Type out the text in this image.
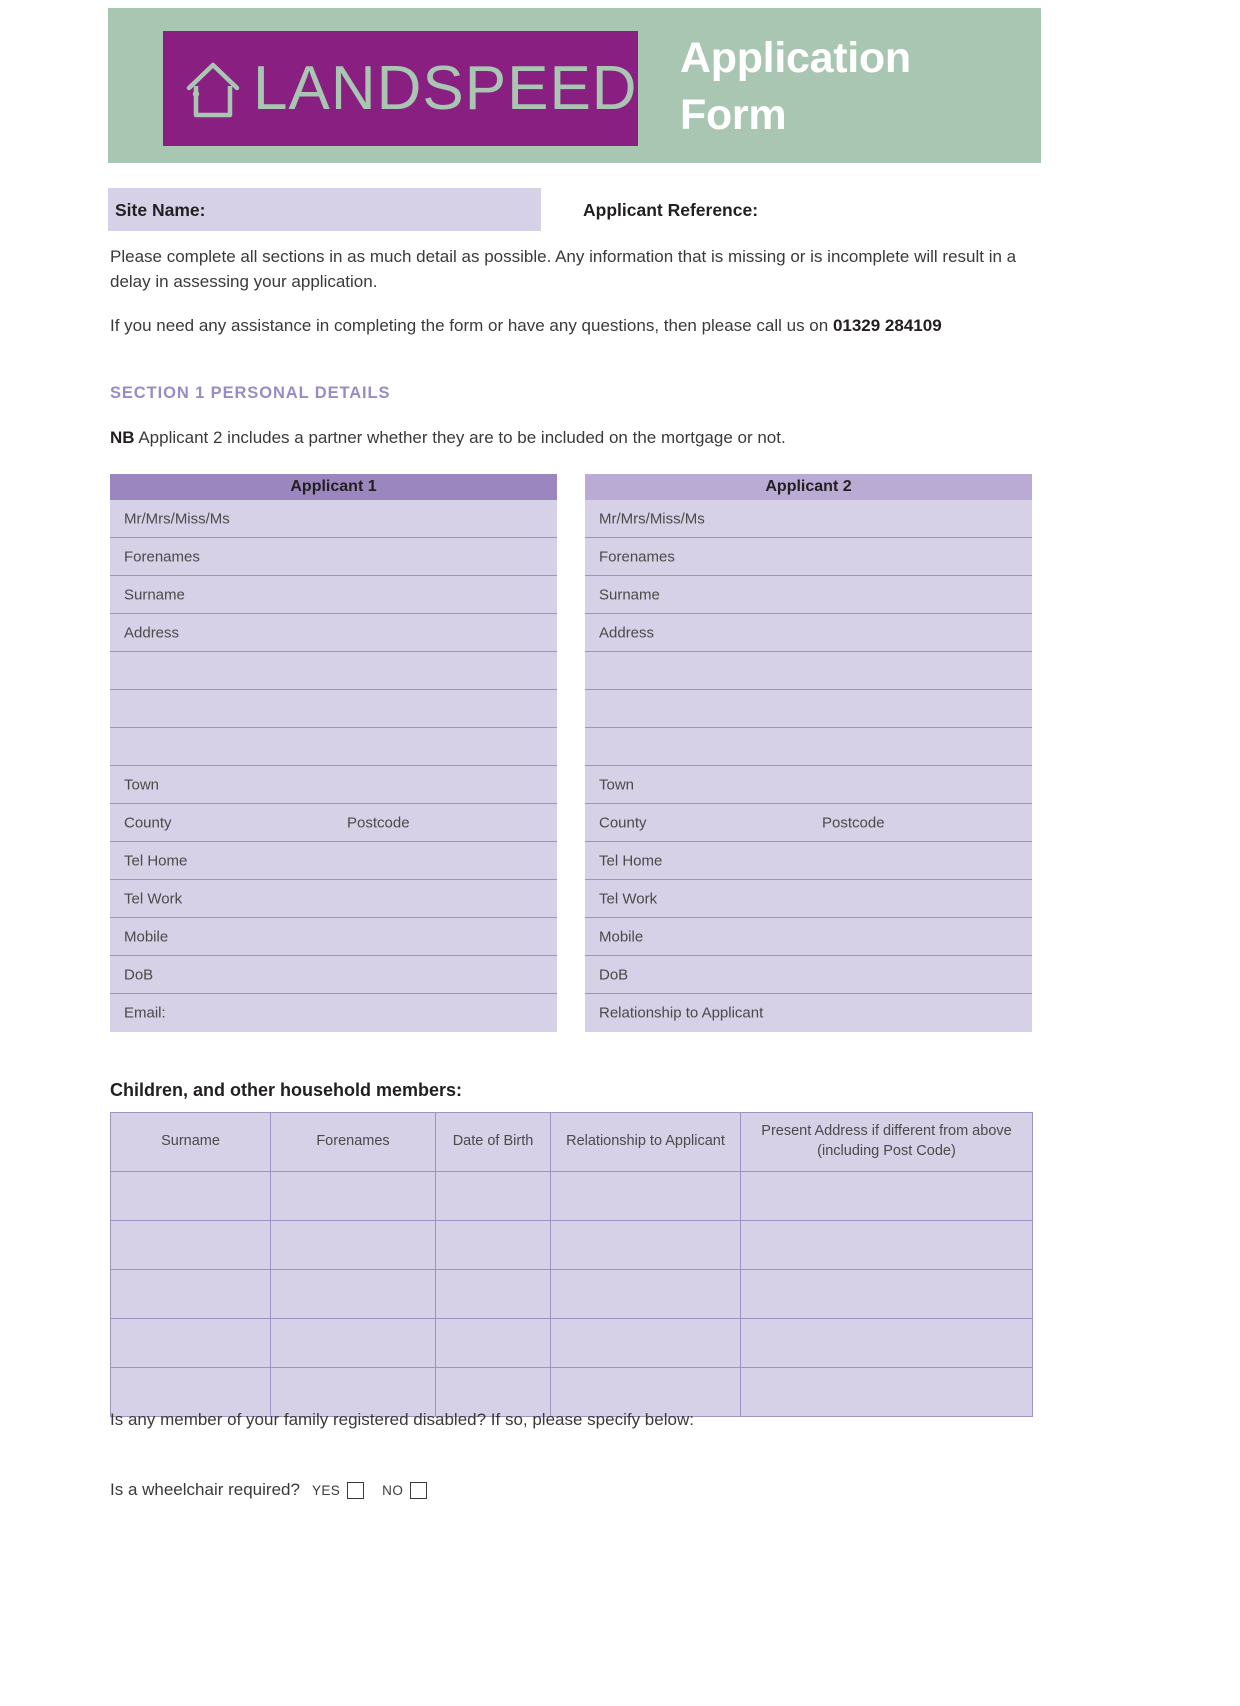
LANDSPEED Application
Form
Site Name:	Applicant Reference:
Please complete all sections in as much detail as possible. Any information that is missing or is incomplete will result in a delay in assessing your application.
If you need any assistance in completing the form or have any questions, then please call us on 01329 284109
SECTION 1 PERSONAL DETAILS
NB Applicant 2 includes a partner whether they are to be included on the mortgage or not.
Applicant 1
Mr/Mrs/Miss/Ms
Forenames
Surname
Address
Town
County	Postcode
Tel Home
Tel Work
Mobile
DoB
Email:
Applicant 2
Mr/Mrs/Miss/Ms
Forenames
Surname
Address
Town
County	Postcode
Tel Home
Tel Work
Mobile
DoB
Relationship to Applicant
Children, and other household members:
Surname	Forenames	Date of Birth	Relationship to Applicant	Present Address if different from above (including Post Code)

Is any member of your family registered disabled? If so, please specify below:
Is a wheelchair required? YES	NO
